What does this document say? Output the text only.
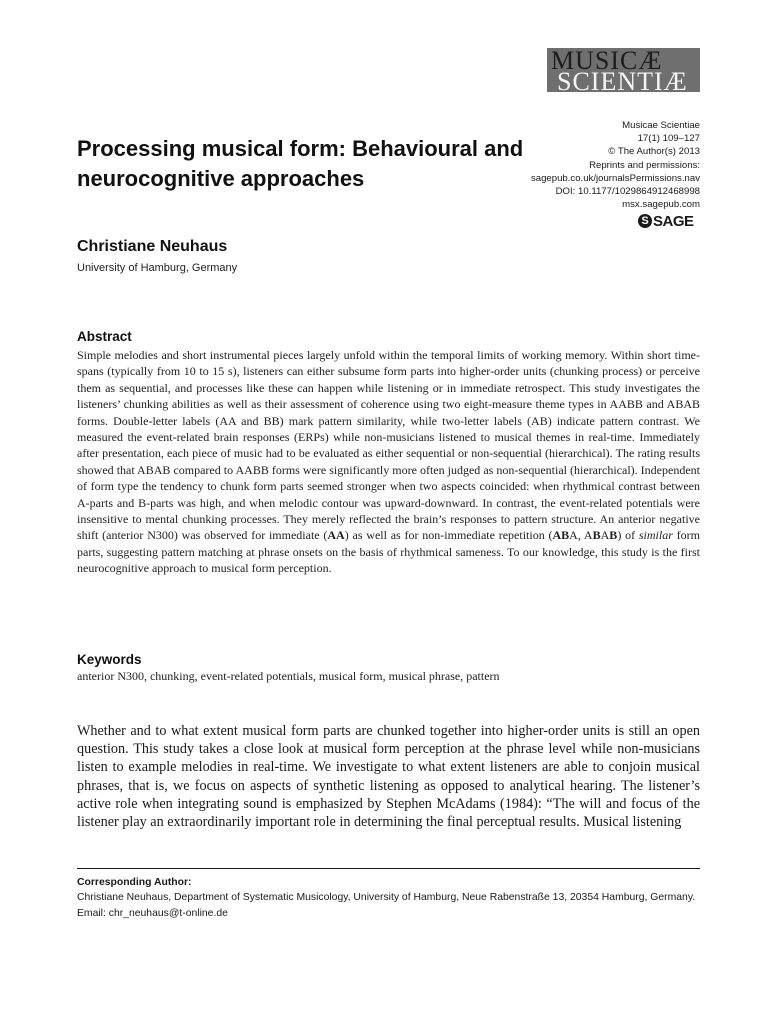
MUSICÆ
SCIENTIÆ
Musicae Scientiae
17(1) 109–127
© The Author(s) 2013
Reprints and permissions:
sagepub.co.uk/journalsPermissions.nav
DOI: 10.1177/1029864912468998
msx.sagepub.com
S SAGE
Processing musical form: Behavioural and neurocognitive approaches
Christiane Neuhaus
University of Hamburg, Germany
Abstract

Simple melodies and short instrumental pieces largely unfold within the temporal limits of working memory. Within short time-spans (typically from 10 to 15 s), listeners can either subsume form parts into higher-order units (chunking process) or perceive them as sequential, and processes like these can happen while listening or in immediate retrospect. This study investigates the listeners’ chunking abilities as well as their assessment of coherence using two eight-measure theme types in AABB and ABAB forms. Double-letter labels (AA and BB) mark pattern similarity, while two-letter labels (AB) indicate pattern contrast. We measured the event-related brain responses (ERPs) while non-musicians listened to musical themes in real-time. Immediately after presentation, each piece of music had to be evaluated as either sequential or non-sequential (hierarchical). The rating results showed that ABAB compared to AABB forms were significantly more often judged as non-sequential (hierarchical). Independent of form type the tendency to chunk form parts seemed stronger when two aspects coincided: when rhythmical contrast between A-parts and B-parts was high, and when melodic contour was upward-downward. In contrast, the event-related potentials were insensitive to mental chunking processes. They merely reflected the brain’s responses to pattern structure. An anterior negative shift (anterior N300) was observed for immediate (AA) as well as for non-immediate repetition (ABA, ABAB) of similar form parts, suggesting pattern matching at phrase onsets on the basis of rhythmical sameness. To our knowledge, this study is the first neurocognitive approach to musical form perception.

Keywords

anterior N300, chunking, event-related potentials, musical form, musical phrase, pattern

Whether and to what extent musical form parts are chunked together into higher-order units is still an open question. This study takes a close look at musical form perception at the phrase level while non-musicians listen to example melodies in real-time. We investigate to what extent listeners are able to conjoin musical phrases, that is, we focus on aspects of synthetic listening as opposed to analytical hearing. The listener’s active role when integrating sound is emphasized by Stephen McAdams (1984): “The will and focus of the listener play an extraordinarily important role in determining the final perceptual results. Musical listening

Corresponding Author:
Christiane Neuhaus, Department of Systematic Musicology, University of Hamburg, Neue Rabenstraße 13, 20354 Hamburg, Germany.
Email: chr_neuhaus@t-online.de
